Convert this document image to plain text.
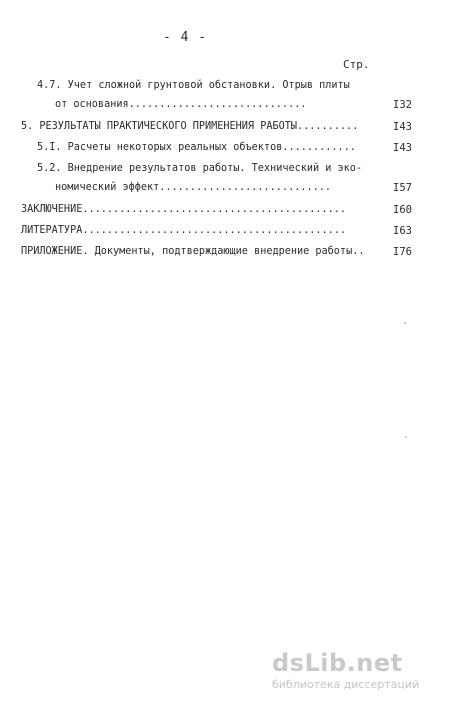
- 4 -
Стр.
4.7. Учет сложной грунтовой обстановки. Отрыв плиты
от основания.............................	I32
5. РЕЗУЛЬТАТЫ ПРАКТИЧЕСКОГО ПРИМЕНЕНИЯ РАБОТЫ..........	I43
5.I. Расчеты некоторых реальных объектов............	I43
5.2. Внедрение результатов работы. Технический и эко-
номический эффект............................	I57
ЗАКЛЮЧЕНИЕ...........................................	I60
ЛИТЕРАТУРА...........................................	I63
ПРИЛОЖЕНИЕ. Документы, подтверждающие внедрение работы..	I76
dsLib.net
библиотека диссертаций
